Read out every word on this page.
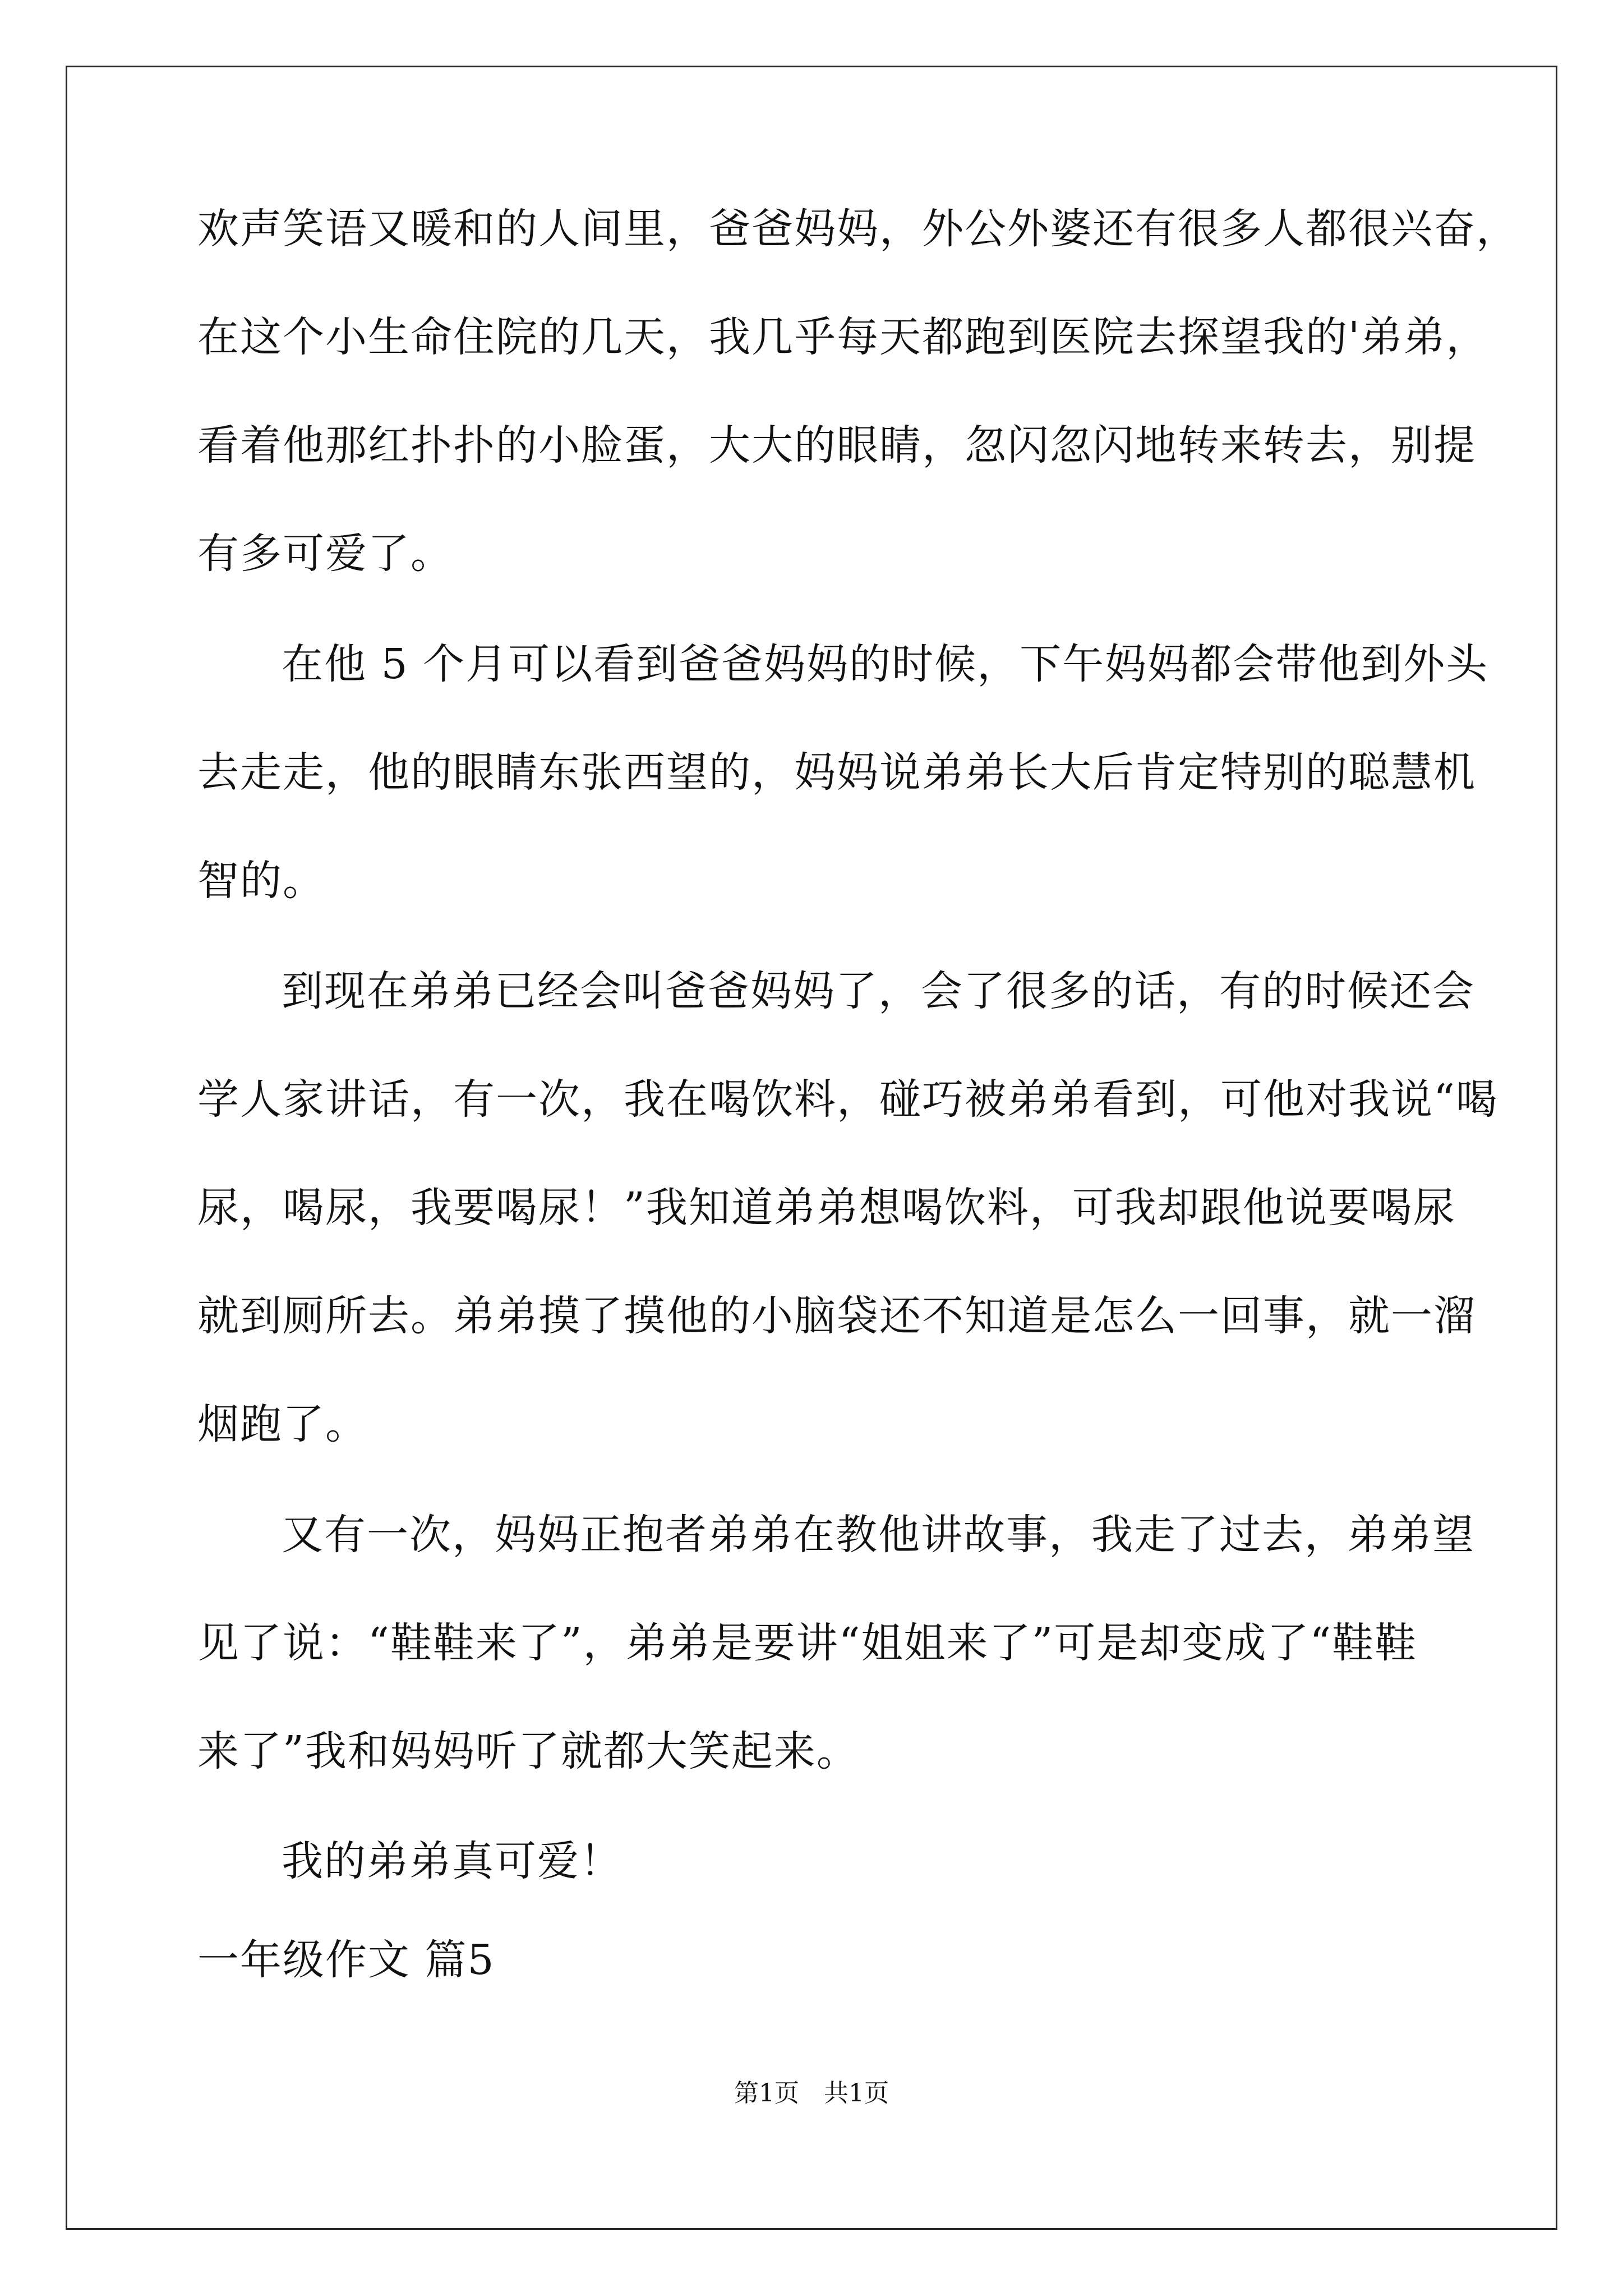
欢声笑语又暖和的人间里，爸爸妈妈，外公外婆还有很多人都很兴奋，
在这个小生命住院的几天，我几乎每天都跑到医院去探望我的'弟弟，
看着他那红扑扑的小脸蛋，大大的眼睛，忽闪忽闪地转来转去，别提
有多可爱了。
在他 5 个月可以看到爸爸妈妈的时候，下午妈妈都会带他到外头
去走走，他的眼睛东张西望的，妈妈说弟弟长大后肯定特别的聪慧机
智的。
到现在弟弟已经会叫爸爸妈妈了，会了很多的话，有的时候还会
学人家讲话，有一次，我在喝饮料，碰巧被弟弟看到，可他对我说“喝
尿，喝尿，我要喝尿！”我知道弟弟想喝饮料，可我却跟他说要喝尿
就到厕所去。弟弟摸了摸他的小脑袋还不知道是怎么一回事，就一溜
烟跑了。
又有一次，妈妈正抱者弟弟在教他讲故事，我走了过去，弟弟望
见了说：“鞋鞋来了”，弟弟是要讲“姐姐来了”可是却变成了“鞋鞋
来了”我和妈妈听了就都大笑起来。
我的弟弟真可爱！
一年级作文 篇5
第1页　共1页
